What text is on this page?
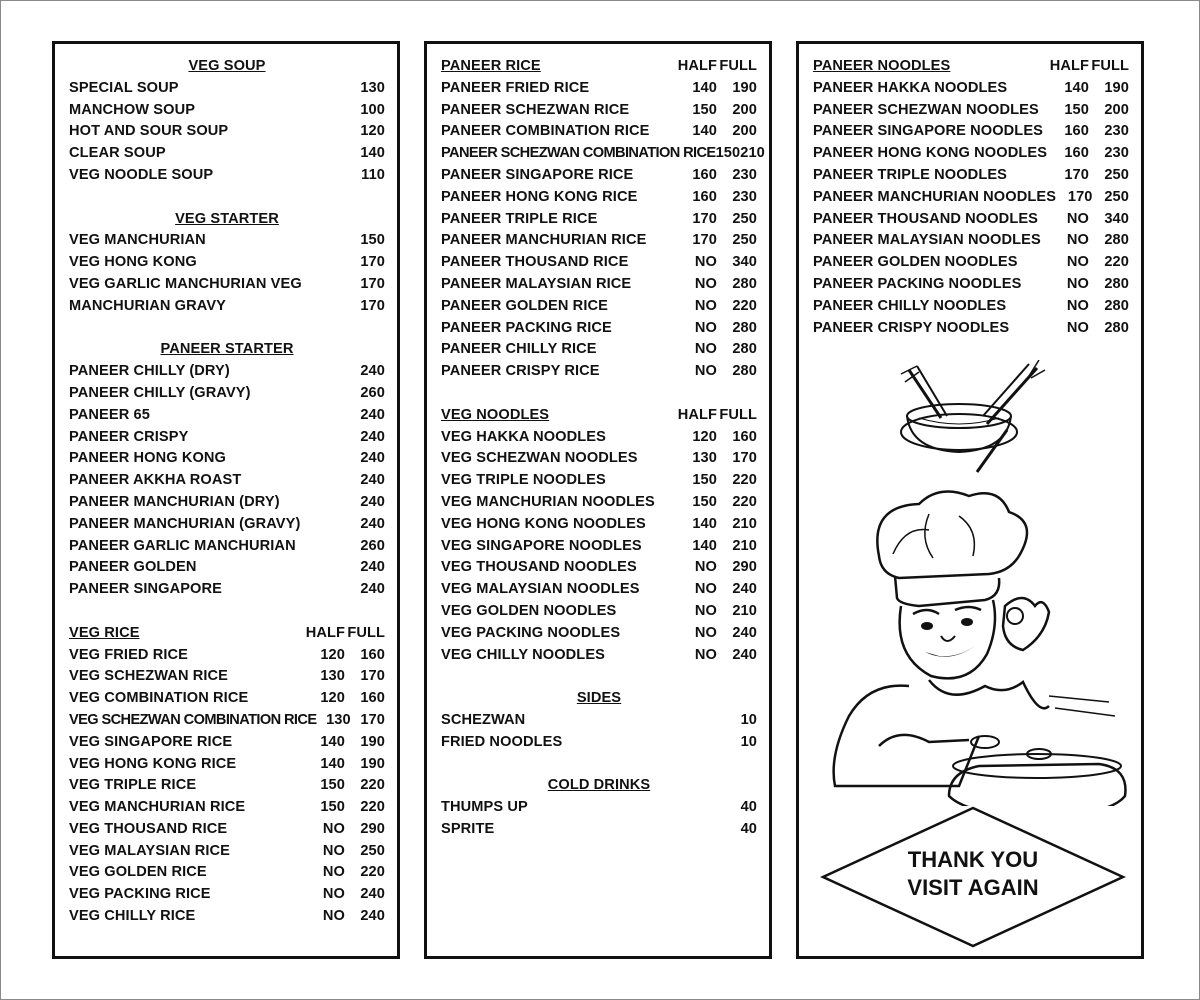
VEG SOUP
SPECIAL SOUP	130
MANCHOW SOUP	100
HOT AND SOUR SOUP	120
CLEAR SOUP	140
VEG NOODLE SOUP	110
VEG STARTER
VEG MANCHURIAN	150
VEG HONG KONG	170
VEG GARLIC MANCHURIAN VEG	170
MANCHURIAN GRAVY	170
PANEER STARTER
PANEER CHILLY (DRY)	240
PANEER CHILLY (GRAVY)	260
PANEER 65	240
PANEER CRISPY	240
PANEER HONG KONG	240
PANEER AKKHA ROAST	240
PANEER MANCHURIAN (DRY)	240
PANEER MANCHURIAN (GRAVY)	240
PANEER GARLIC MANCHURIAN	260
PANEER GOLDEN	240
PANEER SINGAPORE	240
VEG RICE	HALF FULL
VEG FRIED RICE	120	160
VEG SCHEZWAN RICE	130	170
VEG COMBINATION RICE	120	160
VEG SCHEZWAN COMBINATION RICE 130 170
VEG SINGAPORE RICE	140	190
VEG HONG KONG RICE	140	190
VEG TRIPLE RICE	150	220
VEG MANCHURIAN RICE	150	220
VEG THOUSAND RICE	NO	290
VEG MALAYSIAN RICE	NO	250
VEG GOLDEN RICE	NO	220
VEG PACKING RICE	NO	240
VEG CHILLY RICE	NO	240
PANEER RICE	HALF FULL
PANEER FRIED RICE	140	190
PANEER SCHEZWAN RICE	150	200
PANEER COMBINATION RICE	140	200
PANEER SCHEZWAN COMBINATION RICE 150 210
PANEER SINGAPORE RICE	160	230
PANEER HONG KONG RICE	160	230
PANEER TRIPLE RICE	170	250
PANEER MANCHURIAN RICE	170	250
PANEER THOUSAND RICE	NO	340
PANEER MALAYSIAN RICE	NO	280
PANEER GOLDEN RICE	NO	220
PANEER PACKING RICE	NO	280
PANEER CHILLY RICE	NO	280
PANEER CRISPY RICE	NO	280
VEG NOODLES	HALF FULL
VEG HAKKA NOODLES	120	160
VEG SCHEZWAN NOODLES	130	170
VEG TRIPLE NOODLES	150	220
VEG MANCHURIAN NOODLES	150	220
VEG HONG KONG NOODLES	140	210
VEG SINGAPORE NOODLES	140	210
VEG THOUSAND NOODLES	NO	290
VEG MALAYSIAN NOODLES	NO	240
VEG GOLDEN NOODLES	NO	210
VEG PACKING NOODLES	NO	240
VEG CHILLY NOODLES	NO	240
SIDES
SCHEZWAN	10
FRIED NOODLES	10
COLD DRINKS
THUMPS UP	40
SPRITE	40
PANEER NOODLES	HALF FULL
PANEER HAKKA NOODLES	140	190
PANEER SCHEZWAN NOODLES	150	200
PANEER SINGAPORE NOODLES	160	230
PANEER HONG KONG NOODLES	160	230
PANEER TRIPLE NOODLES	170	250
PANEER MANCHURIAN NOODLES 170 250
PANEER THOUSAND NOODLES	NO	340
PANEER MALAYSIAN NOODLES	NO	280
PANEER GOLDEN NOODLES	NO	220
PANEER PACKING NOODLES	NO	280
PANEER CHILLY NOODLES	NO	280
PANEER CRISPY NOODLES	NO	280
THANK YOU
VISIT AGAIN
